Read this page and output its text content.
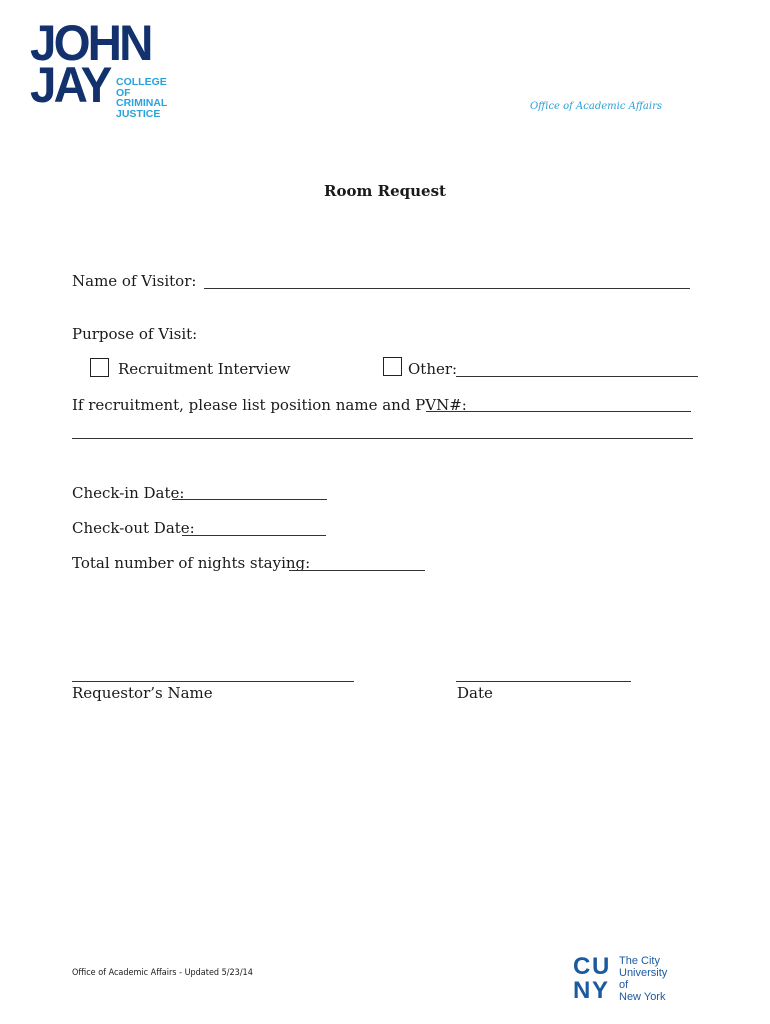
JOHN
JAY COLLEGE
OF
CRIMINAL
JUSTICE
Office of Academic Affairs
Room Request
Name of Visitor:
Purpose of Visit:
Recruitment Interview	Other:
If recruitment, please list position name and PVN#:
Check-in Date:
Check-out Date:
Total number of nights staying:
Requestor’s Name	Date
Office of Academic Affairs - Updated 5/23/14	C U
N Y
The City
University
of
New York
